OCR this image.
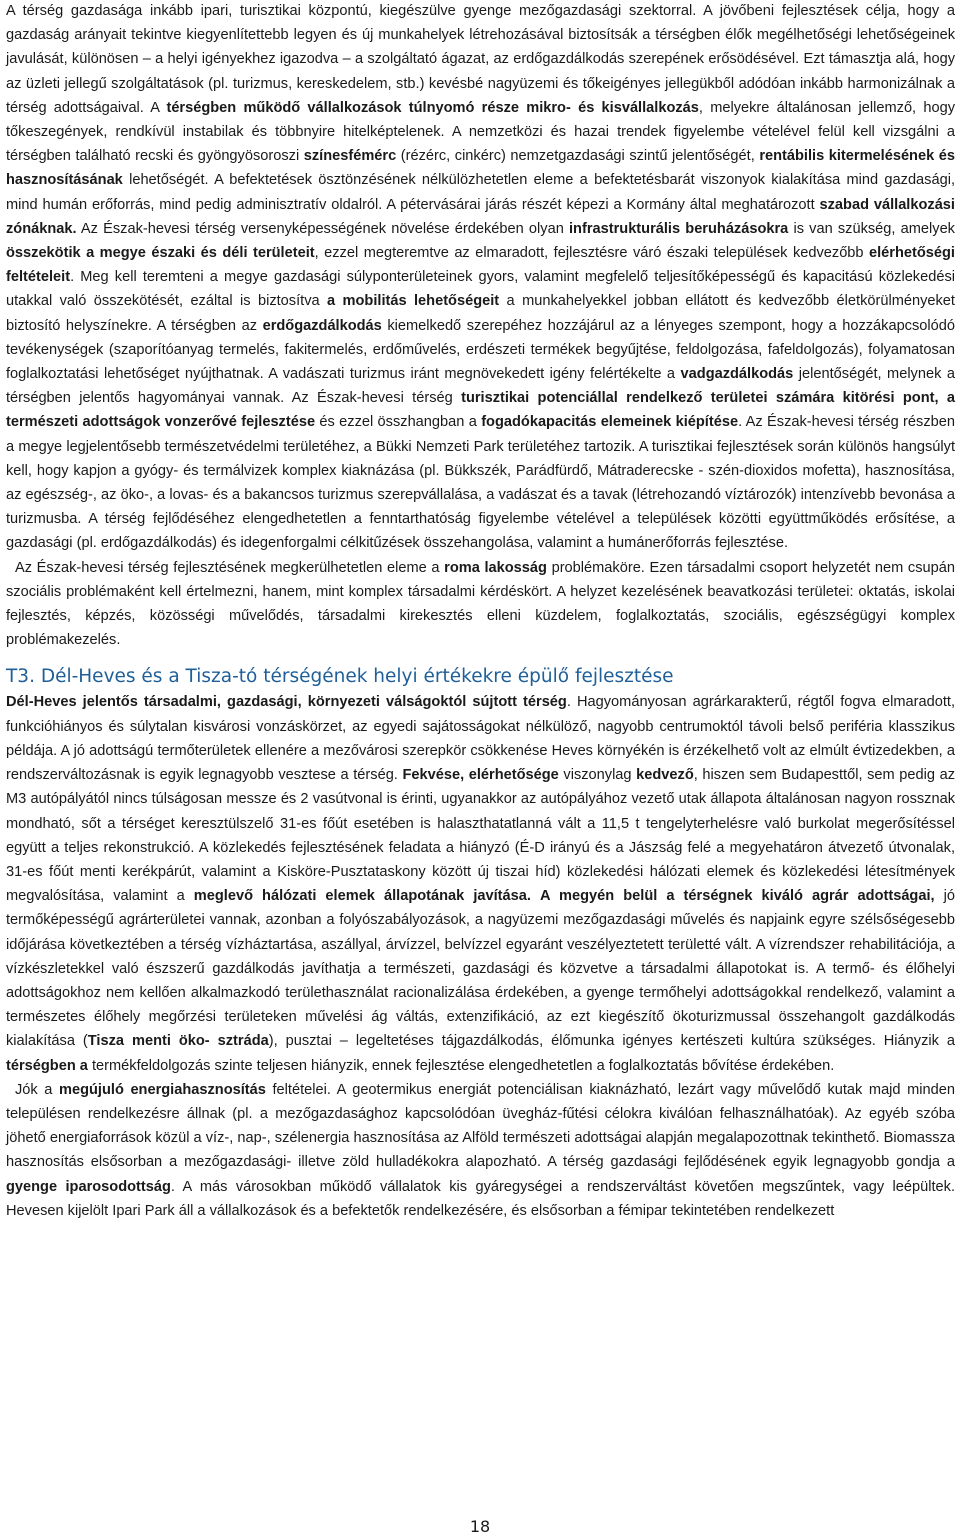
A térség gazdasága inkább ipari, turisztikai központú, kiegészülve gyenge mezőgazdasági szektorral. A jövőbeni fejlesztések célja, hogy a gazdaság arányait tekintve kiegyenlítettebb legyen és új munkahelyek létrehozásával biztosítsák a térségben élők megélhetőségi lehetőségeinek javulását, különösen – a helyi igényekhez igazodva – a szolgáltató ágazat, az erdőgazdálkodás szerepének erősödésével. Ezt támasztja alá, hogy az üzleti jellegű szolgáltatások (pl. turizmus, kereskedelem, stb.) kevésbé nagyüzemi és tőkeigényes jellegükből adódóan inkább harmonizálnak a térség adottságaival. A térségben működő vállalkozások túlnyomó része mikro- és kisvállalkozás, melyekre általánosan jellemző, hogy tőkeszegények, rendkívül instabilak és többnyire hitelképtelenek. A nemzetközi és hazai trendek figyelembe vételével felül kell vizsgálni a térségben található recski és gyöngyösoroszi színesfémérc (rézérc, cinkérc) nemzetgazdasági szintű jelentőségét, rentábilis kitermelésének és hasznosításának lehetőségét. A befektetések ösztönzésének nélkülözhetetlen eleme a befektetésbarát viszonyok kialakítása mind gazdasági, mind humán erőforrás, mind pedig adminisztratív oldalról. A pétervásárai járás részét képezi a Kormány által meghatározott szabad vállalkozási zónáknak. Az Észak-hevesi térség versenyképességének növelése érdekében olyan infrastrukturális beruházásokra is van szükség, amelyek összekötik a megye északi és déli területeit, ezzel megteremtve az elmaradott, fejlesztésre váró északi települések kedvezőbb elérhetőségi feltételeit. Meg kell teremteni a megye gazdasági súlyponterületeinek gyors, valamint megfelelő teljesítőképességű és kapacitású közlekedési utakkal való összekötését, ezáltal is biztosítva a mobilitás lehetőségeit a munkahelyekkel jobban ellátott és kedvezőbb életkörülményeket biztosító helyszínekre. A térségben az erdőgazdálkodás kiemelkedő szerepéhez hozzájárul az a lényeges szempont, hogy a hozzákapcsolódó tevékenységek (szaporítóanyag termelés, fakitermelés, erdőművelés, erdészeti termékek begyűjtése, feldolgozása, fafeldolgozás), folyamatosan foglalkoztatási lehetőséget nyújthatnak. A vadászati turizmus iránt megnövekedett igény felértékelte a vadgazdálkodás jelentőségét, melynek a térségben jelentős hagyományai vannak. Az Észak-hevesi térség turisztikai potenciállal rendelkező területei számára kitörési pont, a természeti adottságok vonzerővé fejlesztése és ezzel összhangban a fogadókapacitás elemeinek kiépítése. Az Észak-hevesi térség részben a megye legjelentősebb természetvédelmi területéhez, a Bükki Nemzeti Park területéhez tartozik. A turisztikai fejlesztések során különös hangsúlyt kell, hogy kapjon a gyógy- és termálvizek komplex kiaknázása (pl. Bükkszék, Parádfürdő, Mátraderecske - szén-dioxidos mofetta), hasznosítása, az egészség-, az öko-, a lovas- és a bakancsos turizmus szerepvállalása, a vadászat és a tavak (létrehozandó víztározók) intenzívebb bevonása a turizmusba. A térség fejlődéséhez elengedhetetlen a fenntarthatóság figyelembe vételével a települések közötti együttműködés erősítése, a gazdasági (pl. erdőgazdálkodás) és idegenforgalmi célkitűzések összehangolása, valamint a humánerőforrás fejlesztése.

Az Észak-hevesi térség fejlesztésének megkerülhetetlen eleme a roma lakosság problémaköre. Ezen társadalmi csoport helyzetét nem csupán szociális problémaként kell értelmezni, hanem, mint komplex társadalmi kérdéskört. A helyzet kezelésének beavatkozási területei: oktatás, iskolai fejlesztés, képzés, közösségi művelődés, társadalmi kirekesztés elleni küzdelem, foglalkoztatás, szociális, egészségügyi komplex problémakezelés.

T3. Dél-Heves és a Tisza-tó térségének helyi értékekre épülő fejlesztése

Dél-Heves jelentős társadalmi, gazdasági, környezeti válságoktól sújtott térség. Hagyományosan agrárkarakterű, régtől fogva elmaradott, funkcióhiányos és súlytalan kisvárosi vonzáskörzet, az egyedi sajátosságokat nélkülöző, nagyobb centrumoktól távoli belső periféria klasszikus példája. A jó adottságú termőterületek ellenére a mezővárosi szerepkör csökkenése Heves környékén is érzékelhető volt az elmúlt évtizedekben, a rendszerváltozásnak is egyik legnagyobb vesztese a térség. Fekvése, elérhetősége viszonylag kedvező, hiszen sem Budapesttől, sem pedig az M3 autópályától nincs túlságosan messze és 2 vasútvonal is érinti, ugyanakkor az autópályához vezető utak állapota általánosan nagyon rossznak mondható, sőt a térséget keresztülszelő 31-es főút esetében is halaszthatatlanná vált a 11,5 t tengelyterhelésre való burkolat megerősítéssel együtt a teljes rekonstrukció. A közlekedés fejlesztésének feladata a hiányzó (É-D irányú és a Jászság felé a megyehatáron átvezető útvonalak, 31-es főút menti kerékpárút, valamint a Kisköre-Pusztataskony között új tiszai híd) közlekedési hálózati elemek és közlekedési létesítmények megvalósítása, valamint a meglevő hálózati elemek állapotának javítása. A megyén belül a térségnek kiváló agrár adottságai, jó termőképességű agrárterületei vannak, azonban a folyószabályozások, a nagyüzemi mezőgazdasági művelés és napjaink egyre szélsőségesebb időjárása következtében a térség vízháztartása, aszállyal, árvízzel, belvízzel egyaránt veszélyeztetett területté vált. A vízrendszer rehabilitációja, a vízkészletekkel való észszerű gazdálkodás javíthatja a természeti, gazdasági és közvetve a társadalmi állapotokat is. A termő- és élőhelyi adottságokhoz nem kellően alkalmazkodó területhasználat racionalizálása érdekében, a gyenge termőhelyi adottságokkal rendelkező, valamint a természetes élőhely megőrzési területeken művelési ág váltás, extenzifikáció, az ezt kiegészítő ökoturizmussal összehangolt gazdálkodás kialakítása (Tisza menti öko- sztráda), pusztai – legeltetéses tájgazdálkodás, élőmunka igényes kertészeti kultúra szükséges. Hiányzik a térségben a termékfeldolgozás szinte teljesen hiányzik, ennek fejlesztése elengedhetetlen a foglalkoztatás bővítése érdekében.

Jók a megújuló energiahasznosítás feltételei. A geotermikus energiát potenciálisan kiaknázható, lezárt vagy művelődő kutak majd minden településen rendelkezésre állnak (pl. a mezőgazdasághoz kapcsolódóan üvegház-fűtési célokra kiválóan felhasználhatóak). Az egyéb szóba jöhető energiaforrások közül a víz-, nap-, szélenergia hasznosítása az Alföld természeti adottságai alapján megalapozottnak tekinthető. Biomassza hasznosítás elsősorban a mezőgazdasági- illetve zöld hulladékokra alapozható. A térség gazdasági fejlődésének egyik legnagyobb gondja a gyenge iparosodottság. A más városokban működő vállalatok kis gyáregységei a rendszerváltást követően megszűntek, vagy leépültek. Hevesen kijelölt Ipari Park áll a vállalkozások és a befektetők rendelkezésére, és elsősorban a fémipar tekintetében rendelkezett

18
